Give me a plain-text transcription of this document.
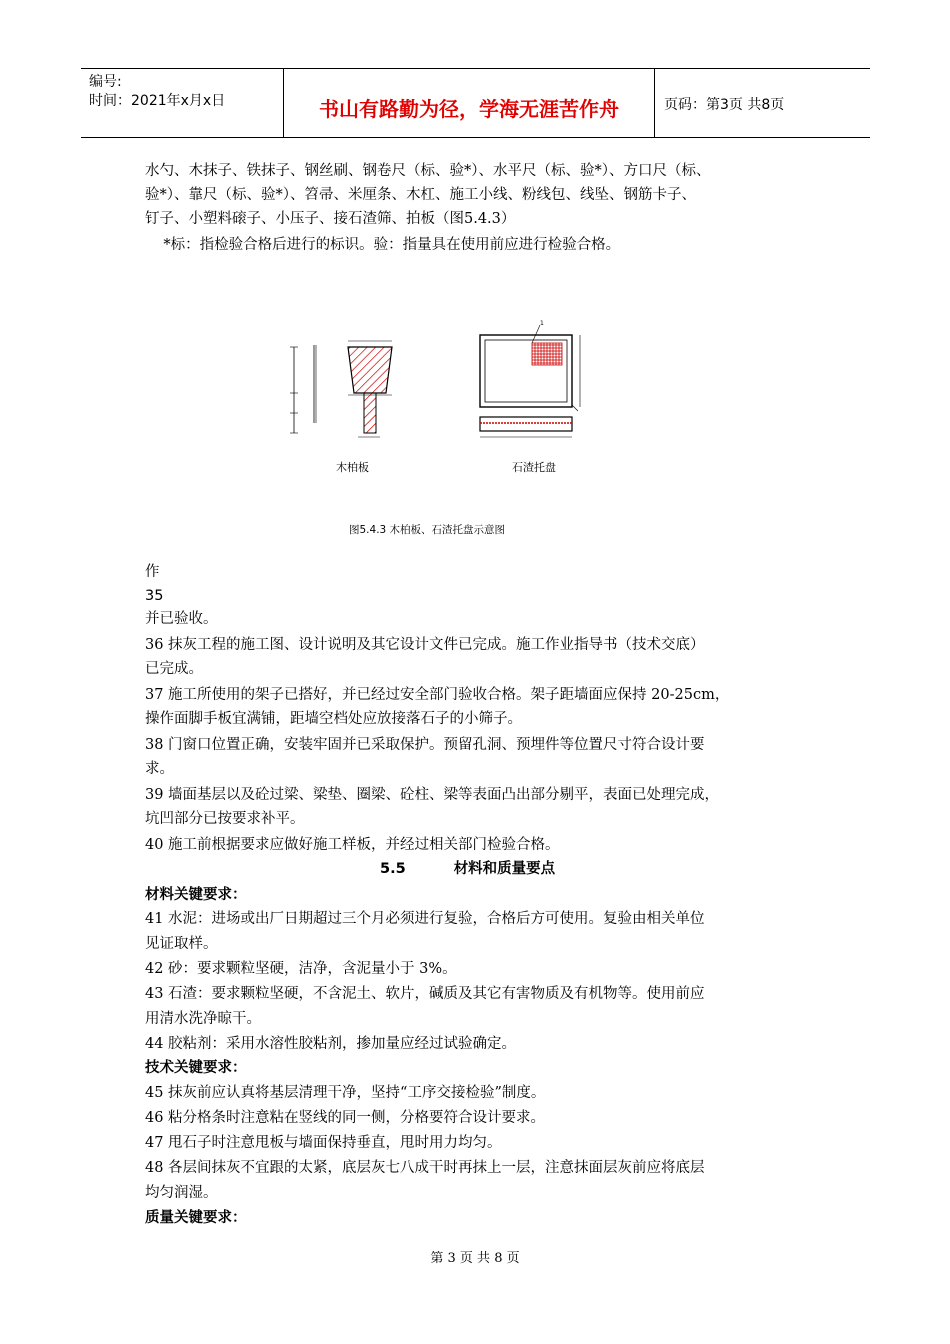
编号:
时间：2021年x月x日	书山有路勤为径，学海无涯苦作舟	页码：第3页 共8页
水勺、木抹子、铁抹子、钢丝刷、钢卷尺（标、验*）、水平尺（标、验*）、方口尺（标、
验*）、靠尺（标、验*）、笤帚、米厘条、木杠、施工小线、粉线包、线坠、钢筋卡子、
钉子、小塑料磙子、小压子、接石渣筛、拍板（图5.4.3）
*标：指检验合格后进行的标识。验：指量具在使用前应进行检验合格。
1
木柏板	石渣托盘
图5.4.3 木柏板、石渣托盘示意图
作
35
并已验收。
36 抹灰工程的施工图、设计说明及其它设计文件已完成。施工作业指导书（技术交底）
已完成。
37 施工所使用的架子已搭好，并已经过安全部门验收合格。架子距墙面应保持 20-25cm，
操作面脚手板宜满铺，距墙空档处应放接落石子的小筛子。
38 门窗口位置正确，安装牢固并已采取保护。预留孔洞、预埋件等位置尺寸符合设计要
求。
39 墙面基层以及砼过梁、梁垫、圈梁、砼柱、梁等表面凸出部分剔平，表面已处理完成，
坑凹部分已按要求补平。
40 施工前根据要求应做好施工样板，并经过相关部门检验合格。
5.5	材料和质量要点
材料关键要求：
41 水泥：进场或出厂日期超过三个月必须进行复验，合格后方可使用。复验由相关单位
见证取样。
42 砂：要求颗粒坚硬，洁净，含泥量小于 3%。
43 石渣：要求颗粒坚硬，不含泥土、软片，碱质及其它有害物质及有机物等。使用前应
用清水洗净晾干。
44 胶粘剂：采用水溶性胶粘剂，掺加量应经过试验确定。
技术关键要求：
45 抹灰前应认真将基层清理干净，坚持“工序交接检验”制度。
46 粘分格条时注意粘在竖线的同一侧，分格要符合设计要求。
47 甩石子时注意甩板与墙面保持垂直，甩时用力均匀。
48 各层间抹灰不宜跟的太紧，底层灰七八成干时再抹上一层，注意抹面层灰前应将底层
均匀润湿。
质量关键要求：
第 3 页 共 8 页
